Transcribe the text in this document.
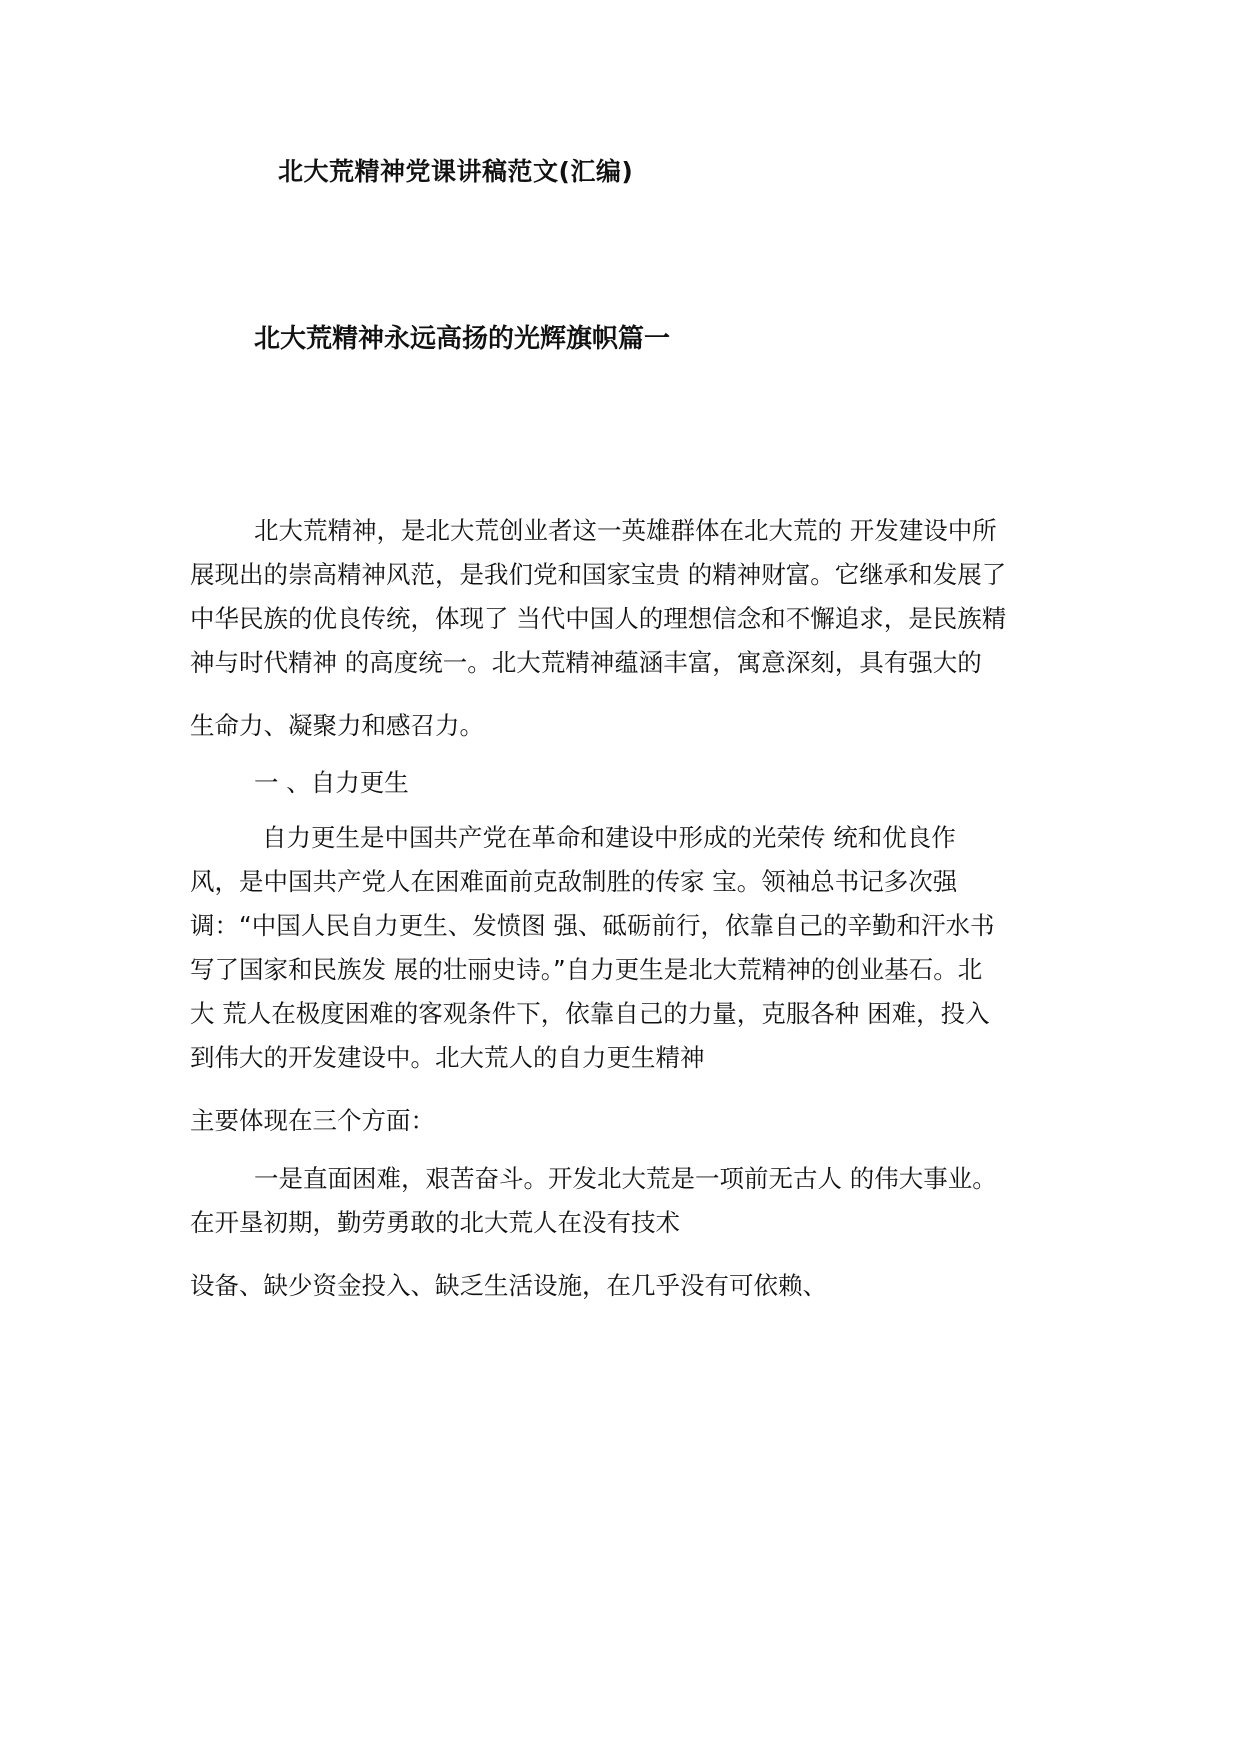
北大荒精神党课讲稿范文(汇编)
北大荒精神永远高扬的光辉旗帜篇一
北大荒精神，是北大荒创业者这一英雄群体在北大荒的 开发建设中所
展现出的崇高精神风范，是我们党和国家宝贵 的精神财富。它继承和发展了
中华民族的优良传统，体现了 当代中国人的理想信念和不懈追求，是民族精
神与时代精神 的高度统一。北大荒精神蕴涵丰富，寓意深刻，具有强大的
生命力、凝聚力和感召力。
一 、自力更生
自力更生是中国共产党在革命和建设中形成的光荣传 统和优良作
风，是中国共产党人在困难面前克敌制胜的传家 宝。领袖总书记多次强
调：“中国人民自力更生、发愤图 强、砥砺前行，依靠自己的辛勤和汗水书
写了国家和民族发 展的壮丽史诗。”自力更生是北大荒精神的创业基石。北
大 荒人在极度困难的客观条件下，依靠自己的力量，克服各种 困难，投入
到伟大的开发建设中。北大荒人的自力更生精神
主要体现在三个方面：
一是直面困难，艰苦奋斗。开发北大荒是一项前无古人 的伟大事业。
在开垦初期，勤劳勇敢的北大荒人在没有技术
设备、缺少资金投入、缺乏生活设施，在几乎没有可依赖、
